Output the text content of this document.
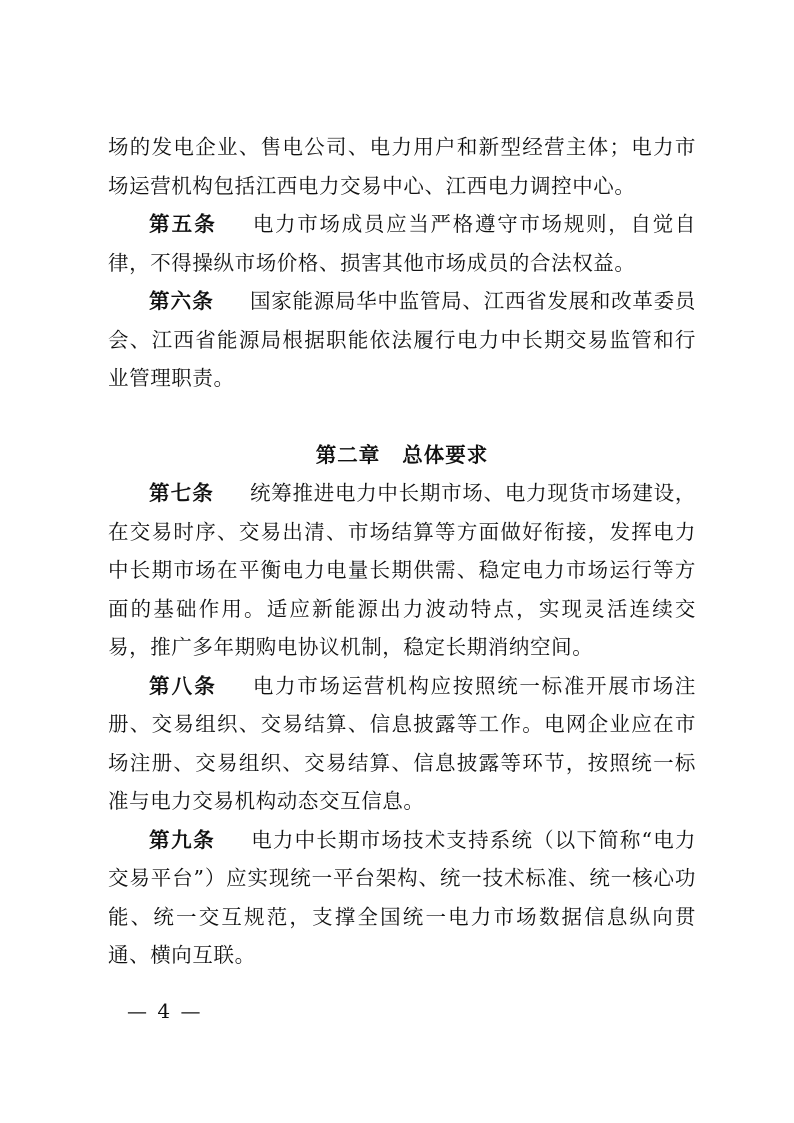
场的发电企业、售电公司、电力用户和新型经营主体；电力市场运营机构包括江西电力交易中心、江西电力调控中心。

第五条 电力市场成员应当严格遵守市场规则，自觉自律，不得操纵市场价格、损害其他市场成员的合法权益。

第六条 国家能源局华中监管局、江西省发展和改革委员会、江西省能源局根据职能依法履行电力中长期交易监管和行业管理职责。

第二章 总体要求

第七条 统筹推进电力中长期市场、电力现货市场建设，在交易时序、交易出清、市场结算等方面做好衔接，发挥电力中长期市场在平衡电力电量长期供需、稳定电力市场运行等方面的基础作用。适应新能源出力波动特点，实现灵活连续交易，推广多年期购电协议机制，稳定长期消纳空间。

第八条 电力市场运营机构应按照统一标准开展市场注册、交易组织、交易结算、信息披露等工作。电网企业应在市场注册、交易组织、交易结算、信息披露等环节，按照统一标准与电力交易机构动态交互信息。

第九条 电力中长期市场技术支持系统（以下简称“电力交易平台”）应实现统一平台架构、统一技术标准、统一核心功能、统一交互规范，支撑全国统一电力市场数据信息纵向贯通、横向互联。

— 4 —
